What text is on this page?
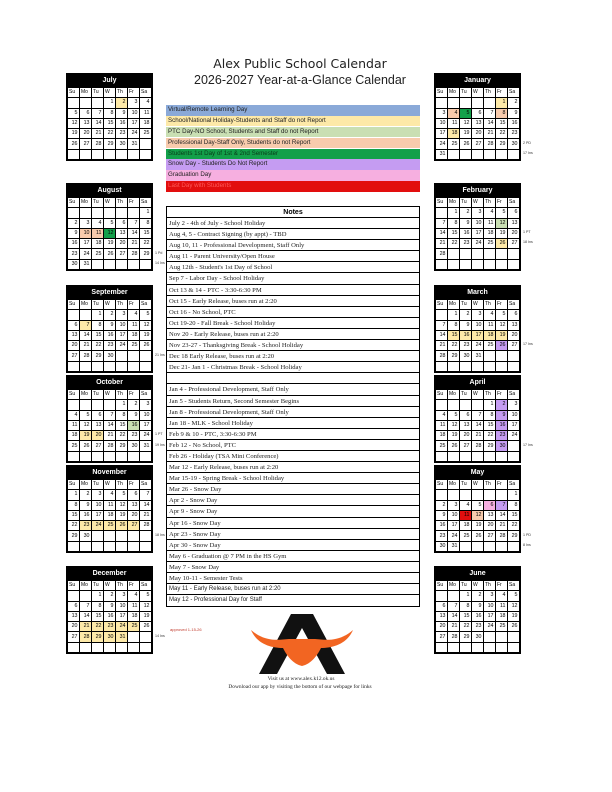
Alex Public School Calendar
2026-2027 Year-at-a-Glance Calendar
Virtual/Remote Learning Day
School/National Holiday-Students and Staff do not Report
PTC Day-NO School, Students and Staff do not Report
Professional Day-Staff Only, Students do not Report
Students 1st Day of 1st & 2nd Semester
Snow Day - Students Do Not Report
Graduation Day
Last Day with Students
Notes
July 2 - 4th of July - School Holiday
Aug 4, 5 - Contract Signing (by appt) - TBD
Aug 10, 11 - Professional Development, Staff Only
Aug 11 - Parent University/Open House
Aug 12th - Student's 1st Day of School
Sep 7 - Labor Day - School Holiday
Oct 13 & 14 - PTC - 3:30-6:30 PM
Oct 15 - Early Release, buses run at 2:20
Oct 16 - No School, PTC
Oct 19-20 - Fall Break - School Holiday
Nov 20 - Early Release, buses run at 2:20
Nov 23-27 - Thanksgiving Break - School Holiday
Dec 18 Early Release, buses run at 2:20
Dec 21- Jan 1 - Christmas Break - School Holiday
Jan 4 - Professional Development, Staff Only
Jan 5 - Students Return, Second Semester Begins
Jan 8 - Professional Development, Staff Only
Jan 18 - MLK - School Holiday
Feb 9 & 10 - PTC, 3:30-6:30 PM
Feb 12 - No School, PTC
Feb 26 - Holiday (TSA Mini Conference)
Mar 12 - Early Release, buses run at 2:20
Mar 15-19 - Spring Break - School Holiday
Mar 26 - Snow Day
Apr 2 - Snow Day
Apr 9 - Snow Day
Apr 16 - Snow Day
Apr 23 - Snow Day
Apr 30 - Snow Day
May 6 - Graduation @ 7 PM in the HS Gym
May 7 - Snow Day
May 10-11 - Semester Tests
May 11 - Early Release, buses run at 2:20
May 12 - Professional Day for Staff
July
Su	Mo	Tu	W	Th	Fr	Sa
			1	2	3	4
5	6	7	8	9	10	11
12	13	14	15	16	17	18
19	20	21	22	23	24	25
26	27	28	29	30	31	

August
Su	Mo	Tu	W	Th	Fr	Sa
						1
2	3	4	5	6	7	8
9	10	11	12	13	14	15
16	17	18	19	20	21	22
23	24	25	26	27	28	29
30	31					
1 Pd
14 Ins
September
Su	Mo	Tu	W	Th	Fr	Sa
		1	2	3	4	5
6	7	8	9	10	11	12
13	14	15	16	17	18	19
20	21	22	23	24	25	26
27	28	29	30			
							21 Ins
October
Su	Mo	Tu	W	Th	Fr	Sa
				1	2	3
4	5	6	7	8	9	10
11	12	13	14	15	16	17
18	19	20	21	22	23	24
25	26	27	28	29	30	31

1 PT
19 Ins
November
Su	Mo	Tu	W	Th	Fr	Sa
1	2	3	4	5	6	7
8	9	10	11	12	13	14
15	16	17	18	19	20	21
22	23	24	25	26	27	28
29	30					
							18 Ins
December
Su	Mo	Tu	W	Th	Fr	Sa
		1	2	3	4	5
6	7	8	9	10	11	12
13	14	15	16	17	18	19
20	21	22	23	24	25	26
27	28	29	30	31		
							14 Ins
January
Su	Mo	Tu	W	Th	Fr	Sa
					1	2
3	4	5	6	7	8	9
10	11	12	13	14	15	16
17	18	19	20	21	22	23
24	25	26	27	28	29	30
31						
2 PD
17 Ins
February
Su	Mo	Tu	W	Th	Fr	Sa
	1	2	3	4	5	6
7	8	9	10	11	12	13
14	15	16	17	18	19	20
21	22	23	24	25	26	27
28						

1 PT
18 Ins
March
Su	Mo	Tu	W	Th	Fr	Sa
	1	2	3	4	5	6
7	8	9	10	11	12	13
14	15	16	17	18	19	20
21	22	23	24	25	26	27
28	29	30	31			

17 Ins
April
Su	Mo	Tu	W	Th	Fr	Sa
				1	2	3
4	5	6	7	8	9	10
11	12	13	14	15	16	17
18	19	20	21	22	23	24
25	26	27	28	29	30	
							17 Ins
May
Su	Mo	Tu	W	Th	Fr	Sa
						1
2	3	4	5	6	7	8
9	10	11	12	13	14	15
16	17	18	19	20	21	22
23	24	25	26	27	28	29
30	31					
1 PD
8 Ins
June
Su	Mo	Tu	W	Th	Fr	Sa
		1	2	3	4	5
6	7	8	9	10	11	12
13	14	15	16	17	18	19
20	21	22	23	24	25	26
27	28	29	30			

approved 1-15-26
Visit us at www.alex.k12.ok.us
Download our app by visiting the bottom of our webpage for links
